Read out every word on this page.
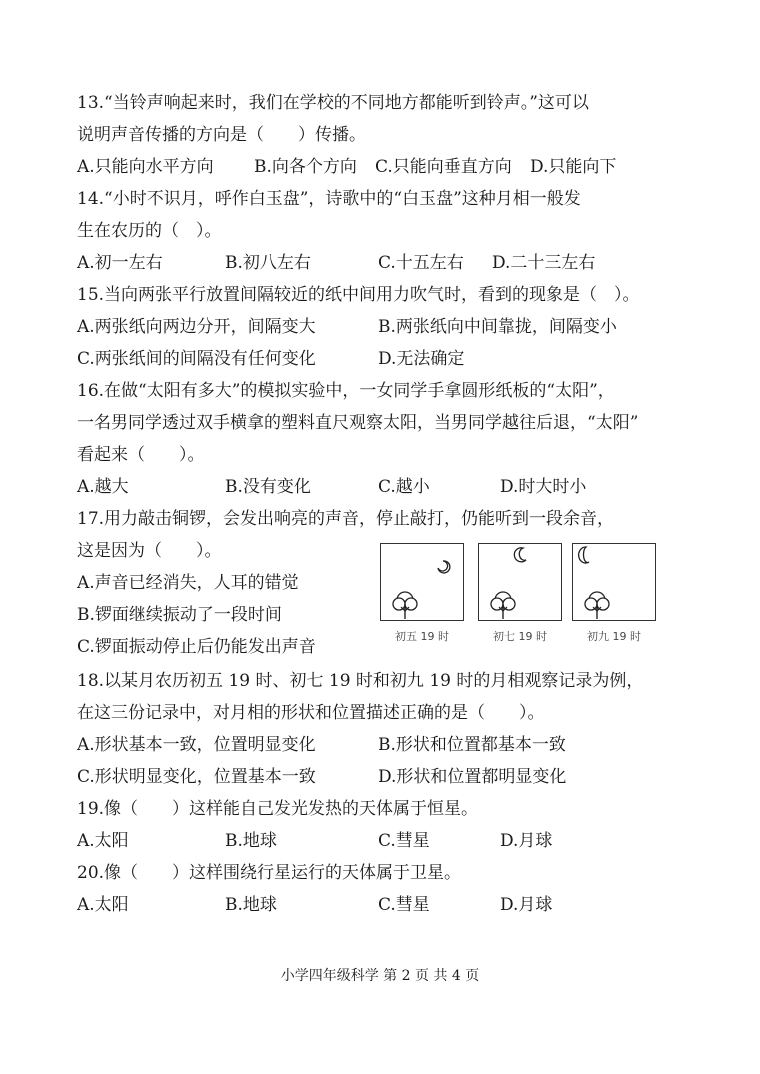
13.“当铃声响起来时，我们在学校的不同地方都能听到铃声。”这可以
说明声音传播的方向是（　　）传播。
A.只能向水平方向 B.向各个方向 C.只能向垂直方向 D.只能向下
14.“小时不识月，呼作白玉盘”，诗歌中的“白玉盘”这种月相一般发
生在农历的（　）。
A.初一左右	B.初八左右	C.十五左右 D.二十三左右
15.当向两张平行放置间隔较近的纸中间用力吹气时，看到的现象是（　）。
A.两张纸向两边分开，间隔变大	B.两张纸向中间靠拢，间隔变小
C.两张纸间的间隔没有任何变化	D.无法确定
16.在做“太阳有多大”的模拟实验中，一女同学手拿圆形纸板的“太阳”，
一名男同学透过双手横拿的塑料直尺观察太阳，当男同学越往后退，“太阳”
看起来（　　）。
A.越大	B.没有变化	C.越小	D.时大时小
17.用力敲击铜锣，会发出响亮的声音，停止敲打，仍能听到一段余音，
这是因为（　　）。
A.声音已经消失，人耳的错觉
B.锣面继续振动了一段时间
C.锣面振动停止后仍能发出声音
初五 19 时	初七 19 时	初九 19 时
18.以某月农历初五 19 时、初七 19 时和初九 19 时的月相观察记录为例，
在这三份记录中，对月相的形状和位置描述正确的是（　　）。
A.形状基本一致，位置明显变化	B.形状和位置都基本一致
C.形状明显变化，位置基本一致	D.形状和位置都明显变化
19.像（　　）这样能自己发光发热的天体属于恒星。
A.太阳	B.地球	C.彗星	D.月球
20.像（　　）这样围绕行星运行的天体属于卫星。
A.太阳	B.地球	C.彗星	D.月球
小学四年级科学 第 2 页 共 4 页
